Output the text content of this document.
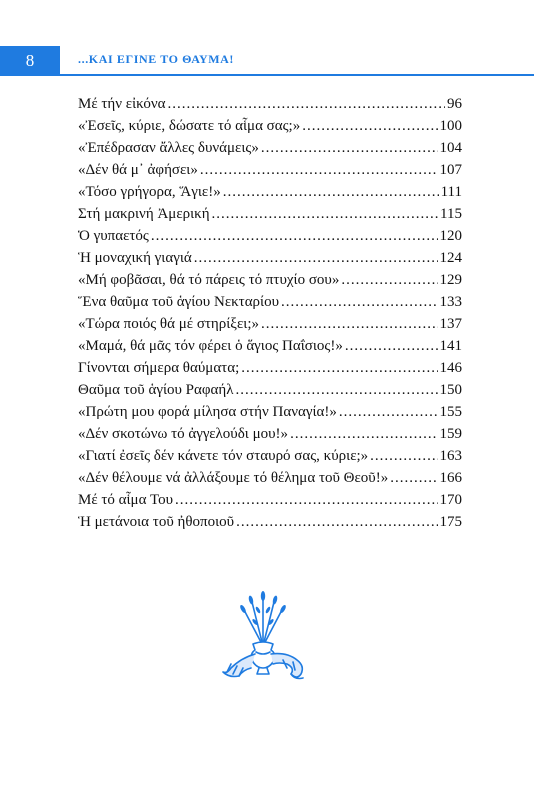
8	...ΚΑΙ ΕΓΙΝΕ ΤΟ ΘΑΥΜΑ!
Μέ τήν εἰκόνα .....	96
«Ἐσεῖς, κύριε, δώσατε τό αἷμα σας;» .....	100
«Ἐπέδρασαν ἄλλες δυνάμεις» .....	104
«Δέν θά μ᾿ ἀφήσει» .....	107
«Τόσο γρήγορα, Ἅγιε!» .....	111
Στή μακρινή Ἀμερική .....	115
Ὁ γυπαετός .....	120
Ἡ μοναχική γιαγιά .....	124
«Μή φοβᾶσαι, θά τό πάρεις τό πτυχίο σου» .....	129
Ἕνα θαῦμα τοῦ ἁγίου Νεκταρίου .....	133
«Τώρα ποιός θά μέ στηρίξει;» .....	137
«Μαμά, θά μᾶς τόν φέρει ὁ ἅγιος Παΐσιος!» .....	141
Γίνονται σήμερα θαύματα; .....	146
Θαῦμα τοῦ ἁγίου Ραφαήλ .....	150
«Πρώτη μου φορά μίλησα στήν Παναγία!» .....	155
«Δέν σκοτώνω τό ἀγγελούδι μου!» .....	159
«Γιατί ἐσεῖς δέν κάνετε τόν σταυρό σας, κύριε;» .....	163
«Δέν θέλουμε νά ἀλλάξουμε τό θέλημα τοῦ Θεοῦ!» .....	166
Μέ τό αἷμα Του .....	170
Ἡ μετάνοια τοῦ ἠθοποιοῦ .....	175
